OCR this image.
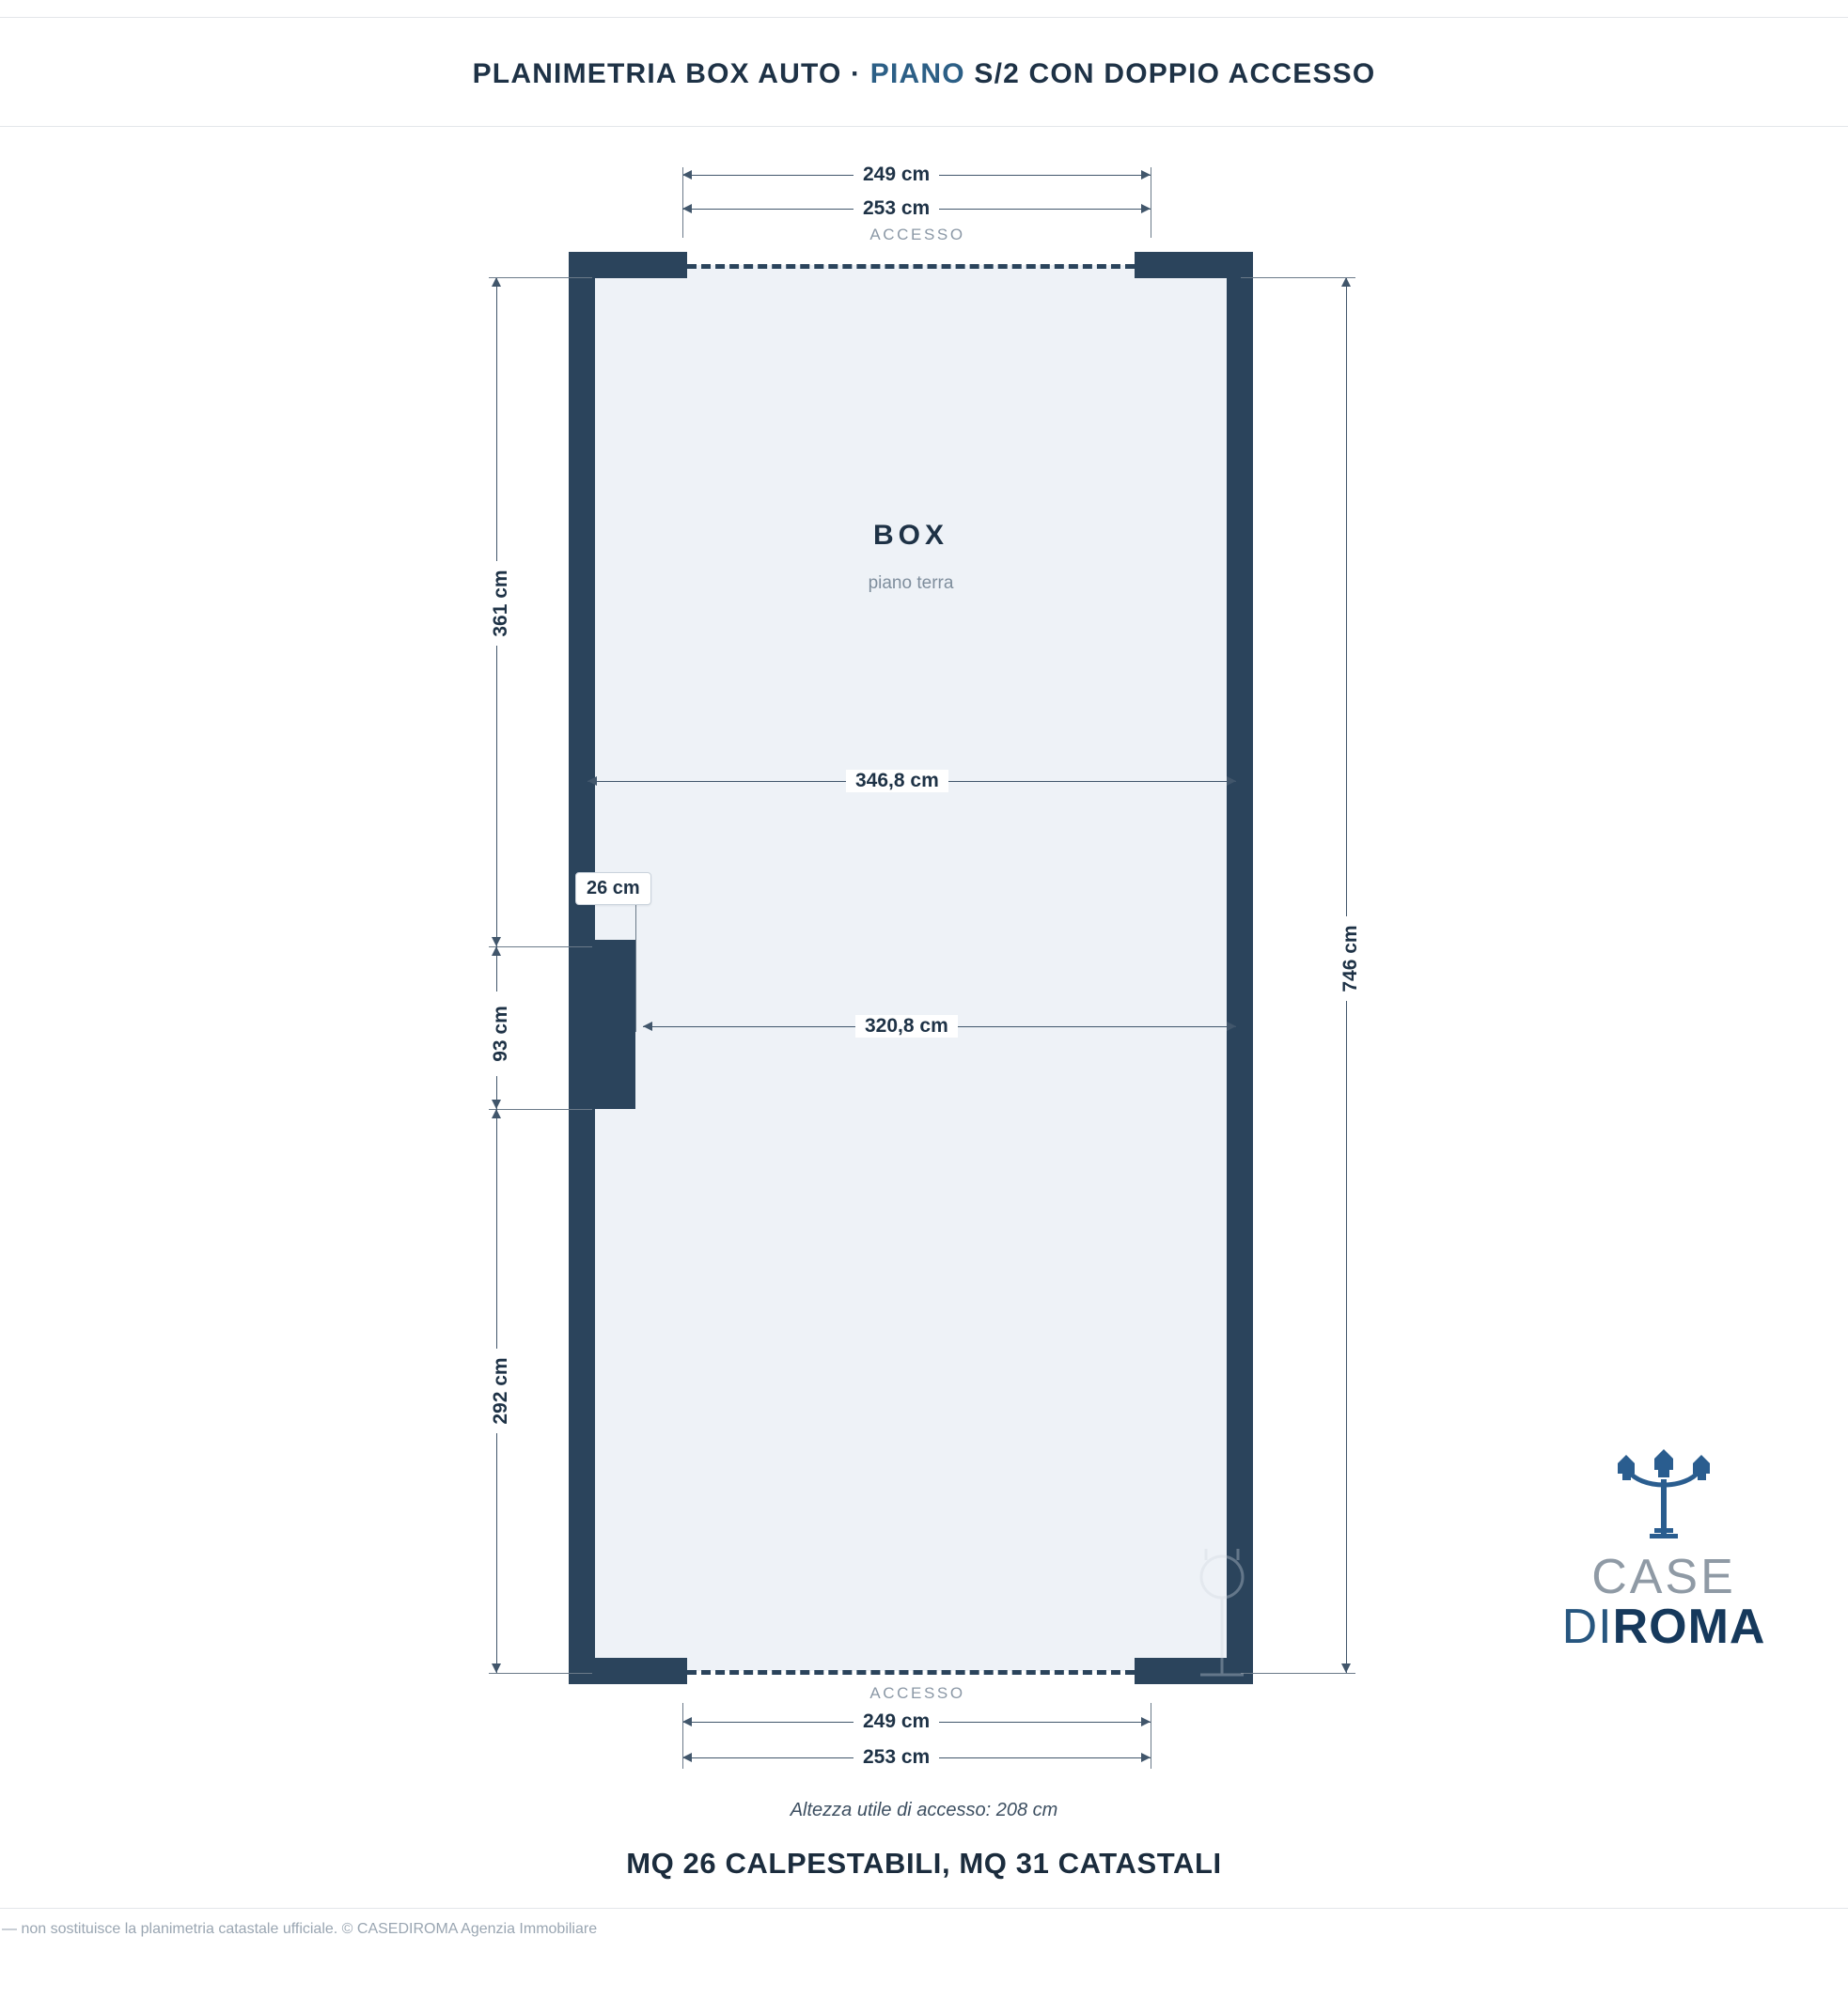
PLANIMETRIA BOX AUTO · PIANO S/2 CON DOPPIO ACCESSO
249 cm
253 cm
ACCESSO
BOX
piano terra
ACCESSO
249 cm
253 cm
361 cm
93 cm
292 cm
746 cm
346,8 cm
320,8 cm
26 cm
CASE
DIROMA
Altezza utile di accesso: 208 cm
MQ 26 CALPESTABILI, MQ 31 CATASTALI
— non sostituisce la planimetria catastale ufficiale. © CASEDIROMA Agenzia Immobiliare
